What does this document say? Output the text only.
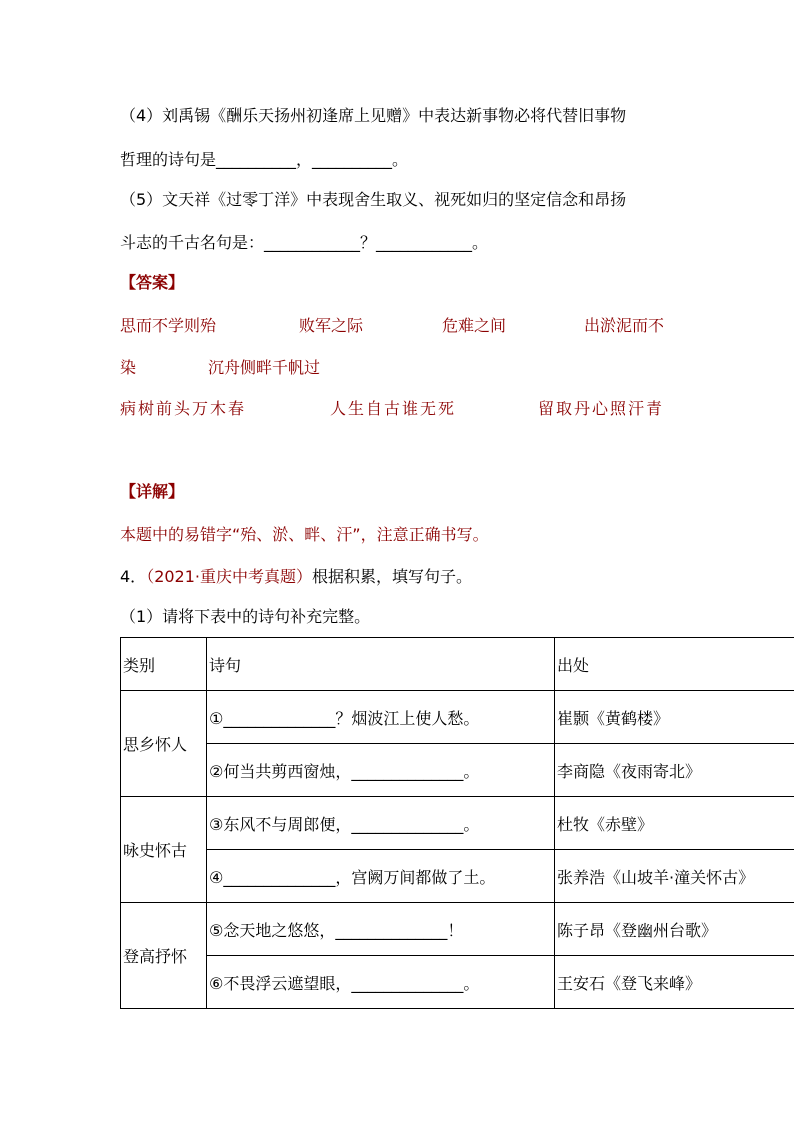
（4）刘禹锡《酬乐天扬州初逢席上见赠》中表达新事物必将代替旧事物
哲理的诗句是__________，__________。
（5）文天祥《过零丁洋》中表现舍生取义、视死如归的坚定信念和昂扬
斗志的千古名句是：____________？____________。
【答案】
思而不学则殆	败军之际	危难之间	出淤泥而不
染	沉舟侧畔千帆过
病树前头万木春	人生自古谁无死	留取丹心照汗青
【详解】
本题中的易错字“殆、淤、畔、汗”，注意正确书写。
4．（2021·重庆中考真题）根据积累，填写句子。
（1）请将下表中的诗句补充完整。
类别	诗句	出处
思乡怀人	①______________？烟波江上使人愁。	崔颢《黄鹤楼》
	②何当共剪西窗烛，______________。	李商隐《夜雨寄北》
咏史怀古	③东风不与周郎便，______________。	杜牧《赤壁》
	④______________，宫阙万间都做了土。	张养浩《山坡羊·潼关怀古》
登高抒怀	⑤念天地之悠悠，______________！	陈子昂《登幽州台歌》
	⑥不畏浮云遮望眼，______________。	王安石《登飞来峰》
